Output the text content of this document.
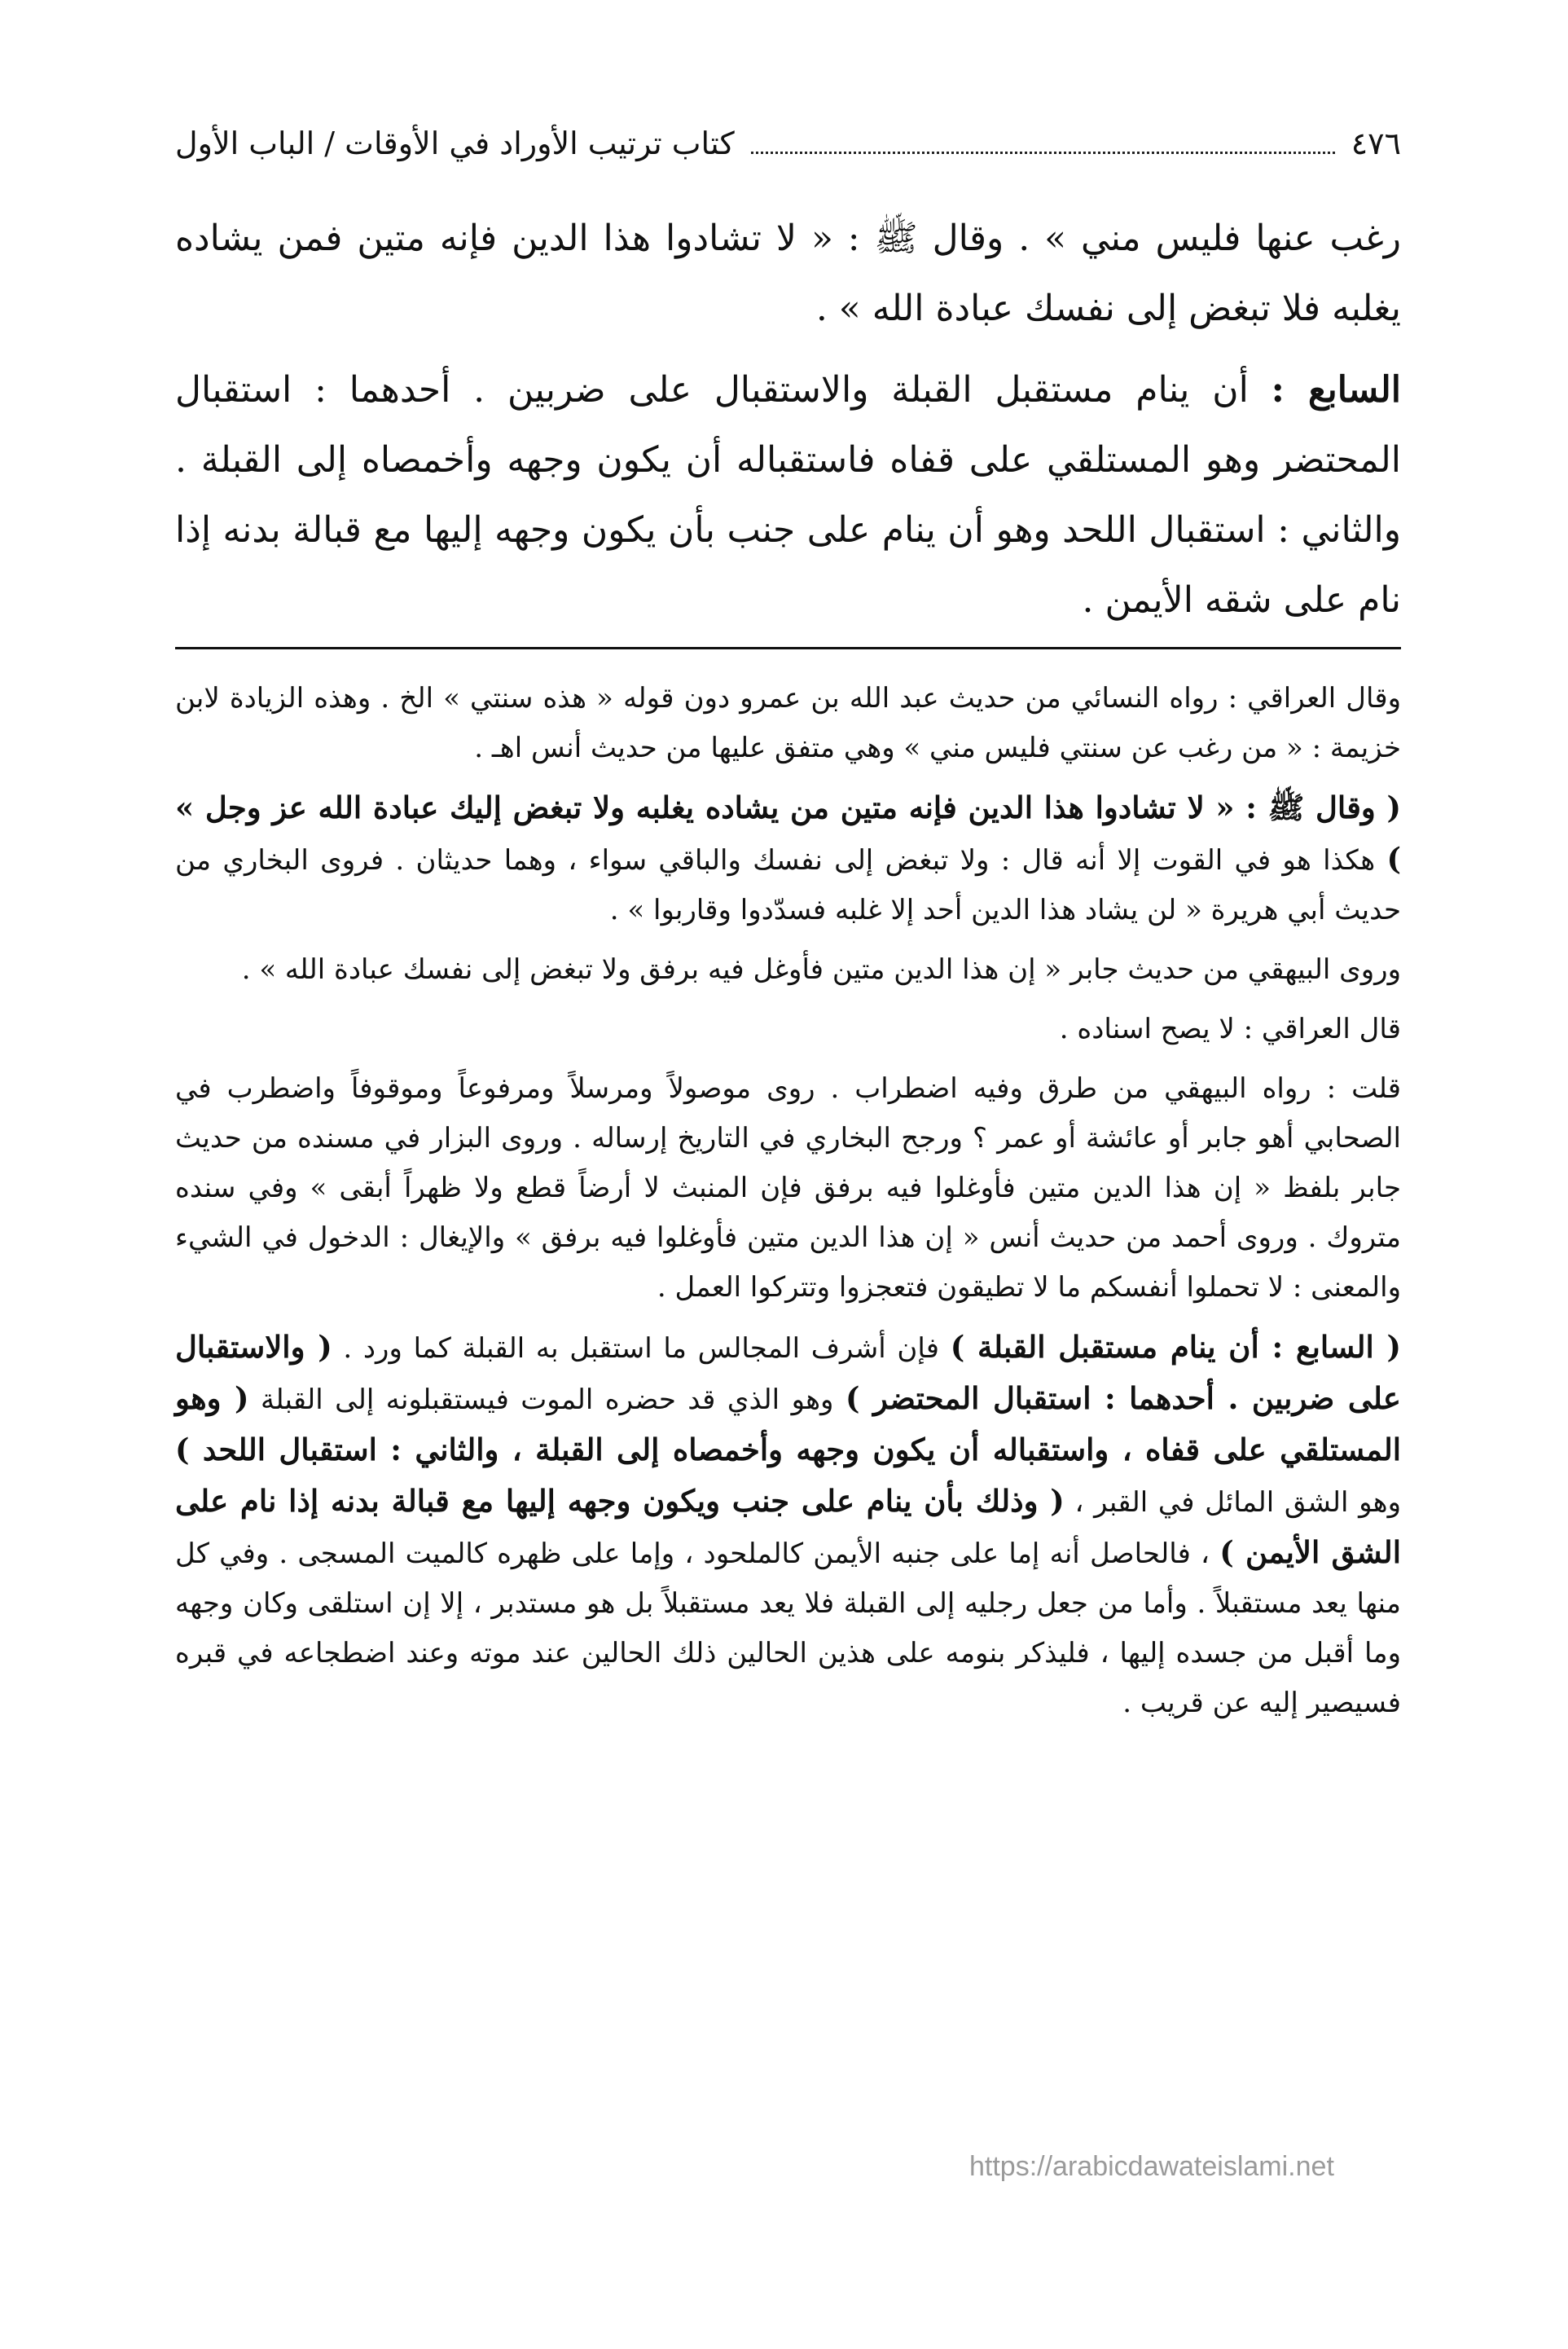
٤٧٦
كتاب ترتيب الأوراد في الأوقات / الباب الأول

رغب عنها فليس مني » . وقال ﷺ : « لا تشادوا هذا الدين فإنه متين فمن يشاده يغلبه فلا تبغض إلى نفسك عبادة الله » .

السابع : أن ينام مستقبل القبلة والاستقبال على ضربين . أحدهما : استقبال المحتضر وهو المستلقي على قفاه فاستقباله أن يكون وجهه وأخمصاه إلى القبلة . والثاني : استقبال اللحد وهو أن ينام على جنب بأن يكون وجهه إليها مع قبالة بدنه إذا نام على شقه الأيمن .

وقال العراقي : رواه النسائي من حديث عبد الله بن عمرو دون قوله « هذه سنتي » الخ . وهذه الزيادة لابن خزيمة : « من رغب عن سنتي فليس مني » وهي متفق عليها من حديث أنس اهـ .

( وقال ﷺ : « لا تشادوا هذا الدين فإنه متين من يشاده يغلبه ولا تبغض إليك عبادة الله عز وجل » ) هكذا هو في القوت إلا أنه قال : ولا تبغض إلى نفسك والباقي سواء ، وهما حديثان . فروى البخاري من حديث أبي هريرة « لن يشاد هذا الدين أحد إلا غلبه فسدّدوا وقاربوا » .

وروى البيهقي من حديث جابر « إن هذا الدين متين فأوغل فيه برفق ولا تبغض إلى نفسك عبادة الله » .

قال العراقي : لا يصح اسناده .

قلت : رواه البيهقي من طرق وفيه اضطراب . روى موصولاً ومرسلاً ومرفوعاً وموقوفاً واضطرب في الصحابي أهو جابر أو عائشة أو عمر ؟ ورجح البخاري في التاريخ إرساله . وروى البزار في مسنده من حديث جابر بلفظ « إن هذا الدين متين فأوغلوا فيه برفق فإن المنبث لا أرضاً قطع ولا ظهراً أبقى » وفي سنده متروك . وروى أحمد من حديث أنس « إن هذا الدين متين فأوغلوا فيه برفق » والإيغال : الدخول في الشيء والمعنى : لا تحملوا أنفسكم ما لا تطيقون فتعجزوا وتتركوا العمل .

( السابع : أن ينام مستقبل القبلة ) فإن أشرف المجالس ما استقبل به القبلة كما ورد . ( والاستقبال على ضربين . أحدهما : استقبال المحتضر ) وهو الذي قد حضره الموت فيستقبلونه إلى القبلة ( وهو المستلقي على قفاه ، واستقباله أن يكون وجهه وأخمصاه إلى القبلة ، والثاني : استقبال اللحد ) وهو الشق المائل في القبر ، ( وذلك بأن ينام على جنب ويكون وجهه إليها مع قبالة بدنه إذا نام على الشق الأيمن ) ، فالحاصل أنه إما على جنبه الأيمن كالملحود ، وإما على ظهره كالميت المسجى . وفي كل منها يعد مستقبلاً . وأما من جعل رجليه إلى القبلة فلا يعد مستقبلاً بل هو مستدبر ، إلا إن استلقى وكان وجهه وما أقبل من جسده إليها ، فليذكر بنومه على هذين الحالين ذلك الحالين عند موته وعند اضطجاعه في قبره فسيصير إليه عن قريب .

https://arabicdawateislami.net
